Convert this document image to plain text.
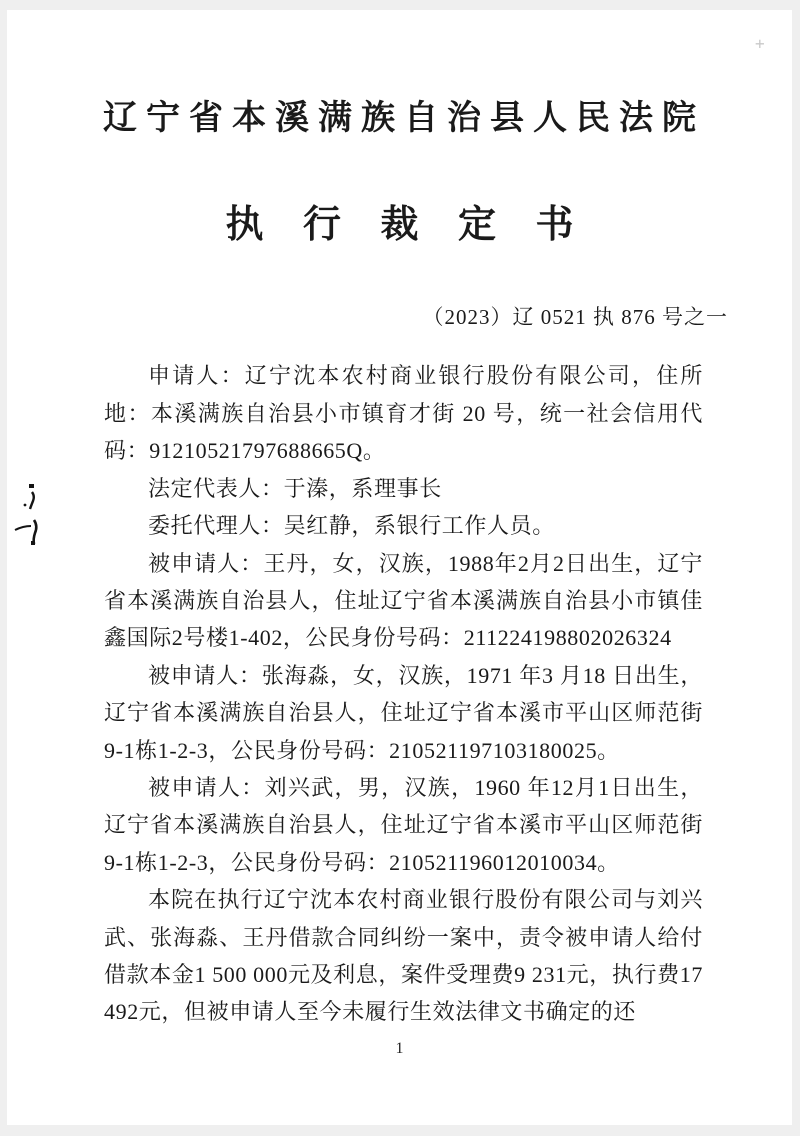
+
辽宁省本溪满族自治县人民法院
执 行 裁 定 书
（2023）辽 0521 执 876 号之一

申请人：辽宁沈本农村商业银行股份有限公司，住所地：本溪满族自治县小市镇育才街 20 号，统一社会信用代码：91210521797688665Q。

法定代表人：于溱，系理事长

委托代理人：吴红静，系银行工作人员。

被申请人：王丹，女，汉族，1988年2月2日出生，辽宁省本溪满族自治县人，住址辽宁省本溪满族自治县小市镇佳鑫国际2号楼1-402，公民身份号码：211224198802026324

被申请人：张海淼，女，汉族，1971 年3 月18 日出生，辽宁省本溪满族自治县人，住址辽宁省本溪市平山区师范街9-1栋1-2-3，公民身份号码：210521197103180025。

被申请人：刘兴武，男，汉族，1960 年12月1日出生，辽宁省本溪满族自治县人，住址辽宁省本溪市平山区师范街9-1栋1-2-3，公民身份号码：210521196012010034。

本院在执行辽宁沈本农村商业银行股份有限公司与刘兴武、张海淼、王丹借款合同纠纷一案中，责令被申请人给付借款本金1 500 000元及利息，案件受理费9 231元，执行费17 492元，但被申请人至今未履行生效法律文书确定的还

1
